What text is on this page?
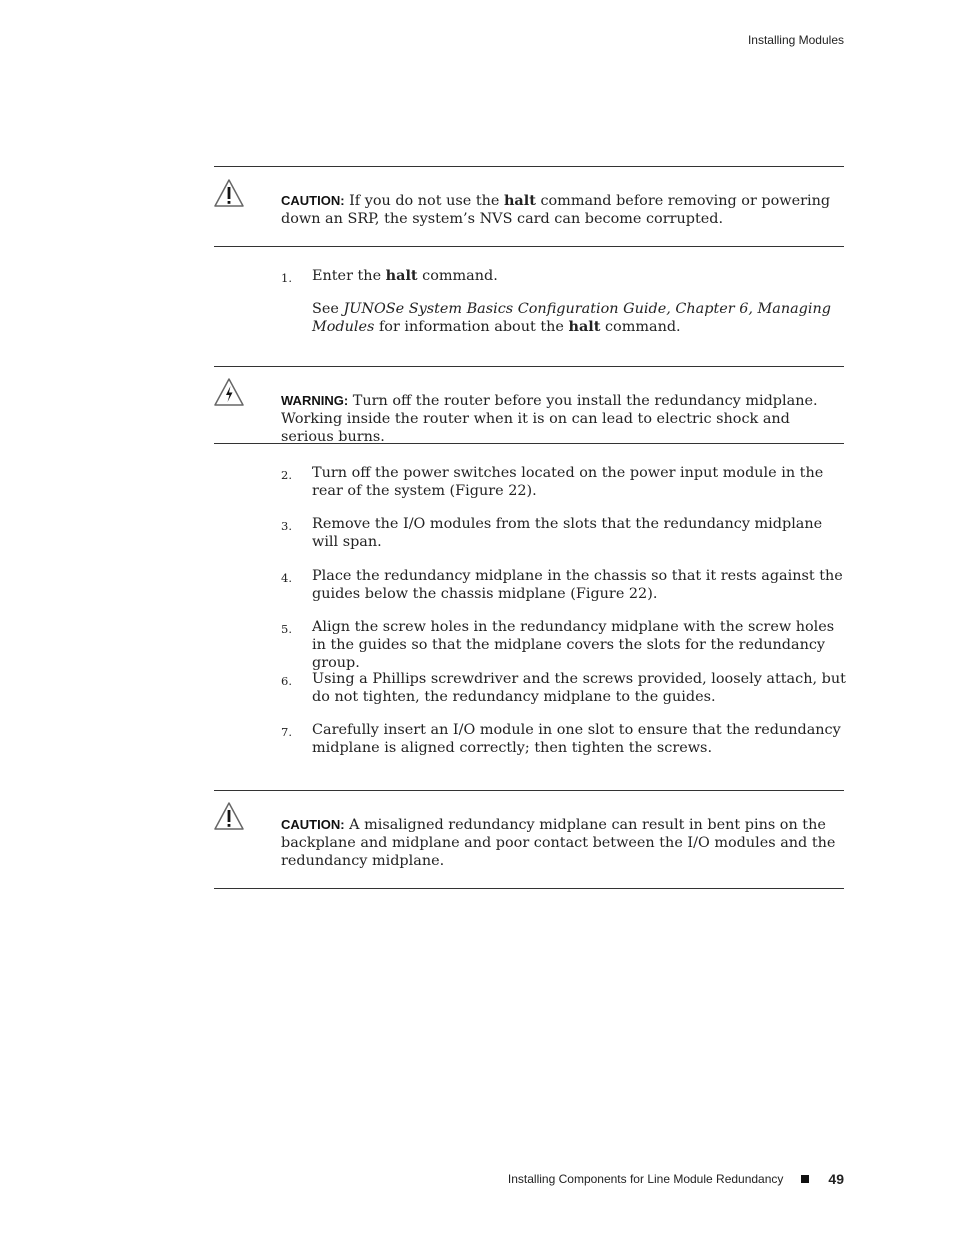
Installing Modules
CAUTION: If you do not use the halt command before removing or powering down an SRP, the system’s NVS card can become corrupted.
1.	Enter the halt command.
See JUNOSe System Basics Configuration Guide, Chapter 6, Managing Modules for information about the halt command.
WARNING: Turn off the router before you install the redundancy midplane. Working inside the router when it is on can lead to electric shock and serious burns.
2.	Turn off the power switches located on the power input module in the rear of the system (Figure 22).
3.	Remove the I/O modules from the slots that the redundancy midplane will span.
4.	Place the redundancy midplane in the chassis so that it rests against the guides below the chassis midplane (Figure 22).
5.	Align the screw holes in the redundancy midplane with the screw holes in the guides so that the midplane covers the slots for the redundancy group.
6.	Using a Phillips screwdriver and the screws provided, loosely attach, but do not tighten, the redundancy midplane to the guides.
7.	Carefully insert an I/O module in one slot to ensure that the redundancy midplane is aligned correctly; then tighten the screws.
CAUTION: A misaligned redundancy midplane can result in bent pins on the backplane and midplane and poor contact between the I/O modules and the redundancy midplane.
Installing Components for Line Module Redundancy	49
